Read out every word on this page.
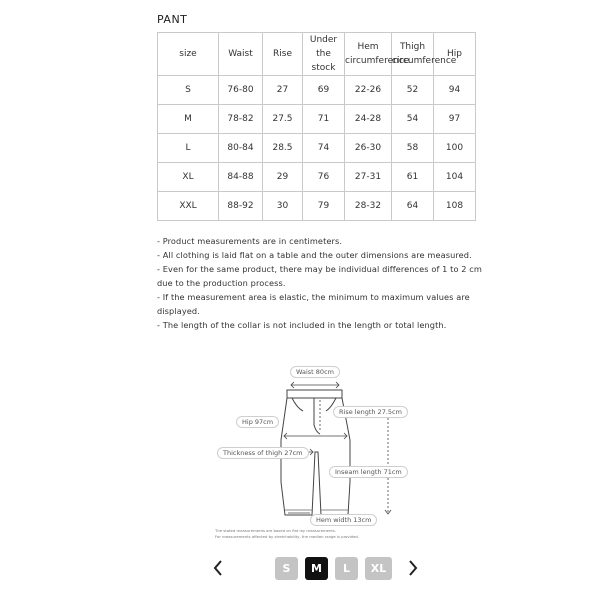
PANT
size	Waist	Rise	Under the stock	Hem circumference	Thigh circumference	Hip
S	76-80	27	69	22-26	52	94
M	78-82	27.5	71	24-28	54	97
L	80-84	28.5	74	26-30	58	100
XL	84-88	29	76	27-31	61	104
XXL	88-92	30	79	28-32	64	108
- Product measurements are in centimeters.
- All clothing is laid flat on a table and the outer dimensions are measured.
- Even for the same product, there may be individual differences of 1 to 2 cm due to the production process.
- If the measurement area is elastic, the minimum to maximum values are displayed.
- The length of the collar is not included in the length or total length.
Waist 80cm
Rise length 27.5cm
Hip 97cm
Thickness of thigh 27cm
Inseam length 71cm
Hem width 13cm
The stated measurements are based on flat lay measurements.
For measurements affected by stretchability, the median range is provided.
S	M	L	XL
